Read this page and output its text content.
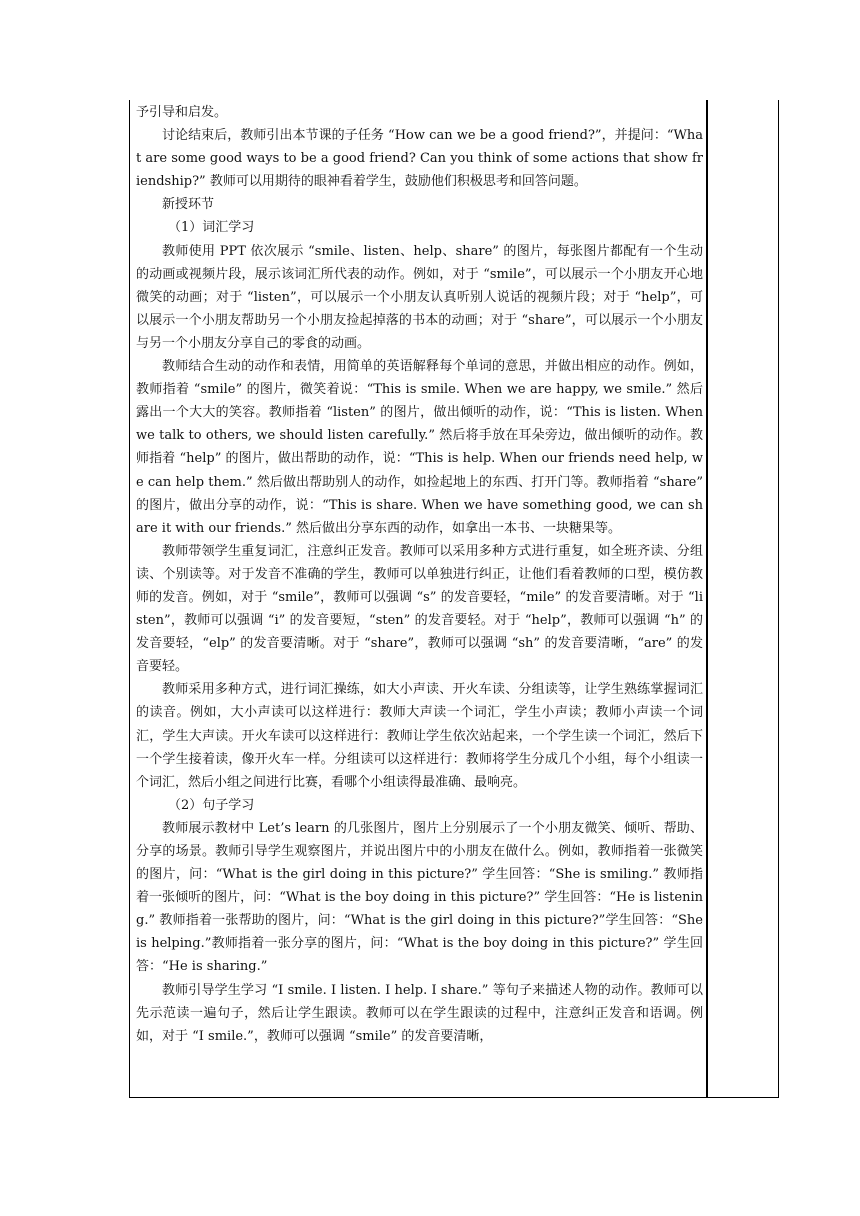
予引导和启发。

讨论结束后，教师引出本节课的子任务 “How can we be a good friend?”，并提问：“What are some good ways to be a good friend? Can you think of some actions that show friendship?” 教师可以用期待的眼神看着学生，鼓励他们积极思考和回答问题。

新授环节

（1）词汇学习

教师使用 PPT 依次展示 “smile、listen、help、share” 的图片，每张图片都配有一个生动的动画或视频片段，展示该词汇所代表的动作。例如，对于 “smile”，可以展示一个小朋友开心地微笑的动画；对于 “listen”，可以展示一个小朋友认真听别人说话的视频片段；对于 “help”，可以展示一个小朋友帮助另一个小朋友捡起掉落的书本的动画；对于 “share”，可以展示一个小朋友与另一个小朋友分享自己的零食的动画。

教师结合生动的动作和表情，用简单的英语解释每个单词的意思，并做出相应的动作。例如，教师指着 “smile” 的图片，微笑着说：“This is smile. When we are happy, we smile.” 然后露出一个大大的笑容。教师指着 “listen” 的图片，做出倾听的动作，说：“This is listen. When we talk to others, we should listen carefully.” 然后将手放在耳朵旁边，做出倾听的动作。教师指着 “help” 的图片，做出帮助的动作，说：“This is help. When our friends need help, we can help them.” 然后做出帮助别人的动作，如捡起地上的东西、打开门等。教师指着 “share” 的图片，做出分享的动作，说：“This is share. When we have something good, we can share it with our friends.” 然后做出分享东西的动作，如拿出一本书、一块糖果等。

教师带领学生重复词汇，注意纠正发音。教师可以采用多种方式进行重复，如全班齐读、分组读、个别读等。对于发音不准确的学生，教师可以单独进行纠正，让他们看着教师的口型，模仿教师的发音。例如，对于 “smile”，教师可以强调 “s” 的发音要轻，“mile” 的发音要清晰。对于 “listen”，教师可以强调 “i” 的发音要短，“sten” 的发音要轻。对于 “help”，教师可以强调 “h” 的发音要轻，“elp” 的发音要清晰。对于 “share”，教师可以强调 “sh” 的发音要清晰，“are” 的发音要轻。

教师采用多种方式，进行词汇操练，如大小声读、开火车读、分组读等，让学生熟练掌握词汇的读音。例如，大小声读可以这样进行：教师大声读一个词汇，学生小声读；教师小声读一个词汇，学生大声读。开火车读可以这样进行：教师让学生依次站起来，一个学生读一个词汇，然后下一个学生接着读，像开火车一样。分组读可以这样进行：教师将学生分成几个小组，每个小组读一个词汇，然后小组之间进行比赛，看哪个小组读得最准确、最响亮。

（2）句子学习

教师展示教材中 Let’s learn 的几张图片，图片上分别展示了一个小朋友微笑、倾听、帮助、分享的场景。教师引导学生观察图片，并说出图片中的小朋友在做什么。例如，教师指着一张微笑的图片，问：“What is the girl doing in this picture?” 学生回答：“She is smiling.” 教师指着一张倾听的图片，问：“What is the boy doing in this picture?” 学生回答：“He is listening.” 教师指着一张帮助的图片，问：“What is the girl doing in this picture?”学生回答：“She is helping.”教师指着一张分享的图片，问：“What is the boy doing in this picture?” 学生回答：“He is sharing.”

教师引导学生学习 “I smile. I listen. I help. I share.” 等句子来描述人物的动作。教师可以先示范读一遍句子，然后让学生跟读。教师可以在学生跟读的过程中，注意纠正发音和语调。例如，对于 “I smile.”，教师可以强调 “smile” 的发音要清晰，
